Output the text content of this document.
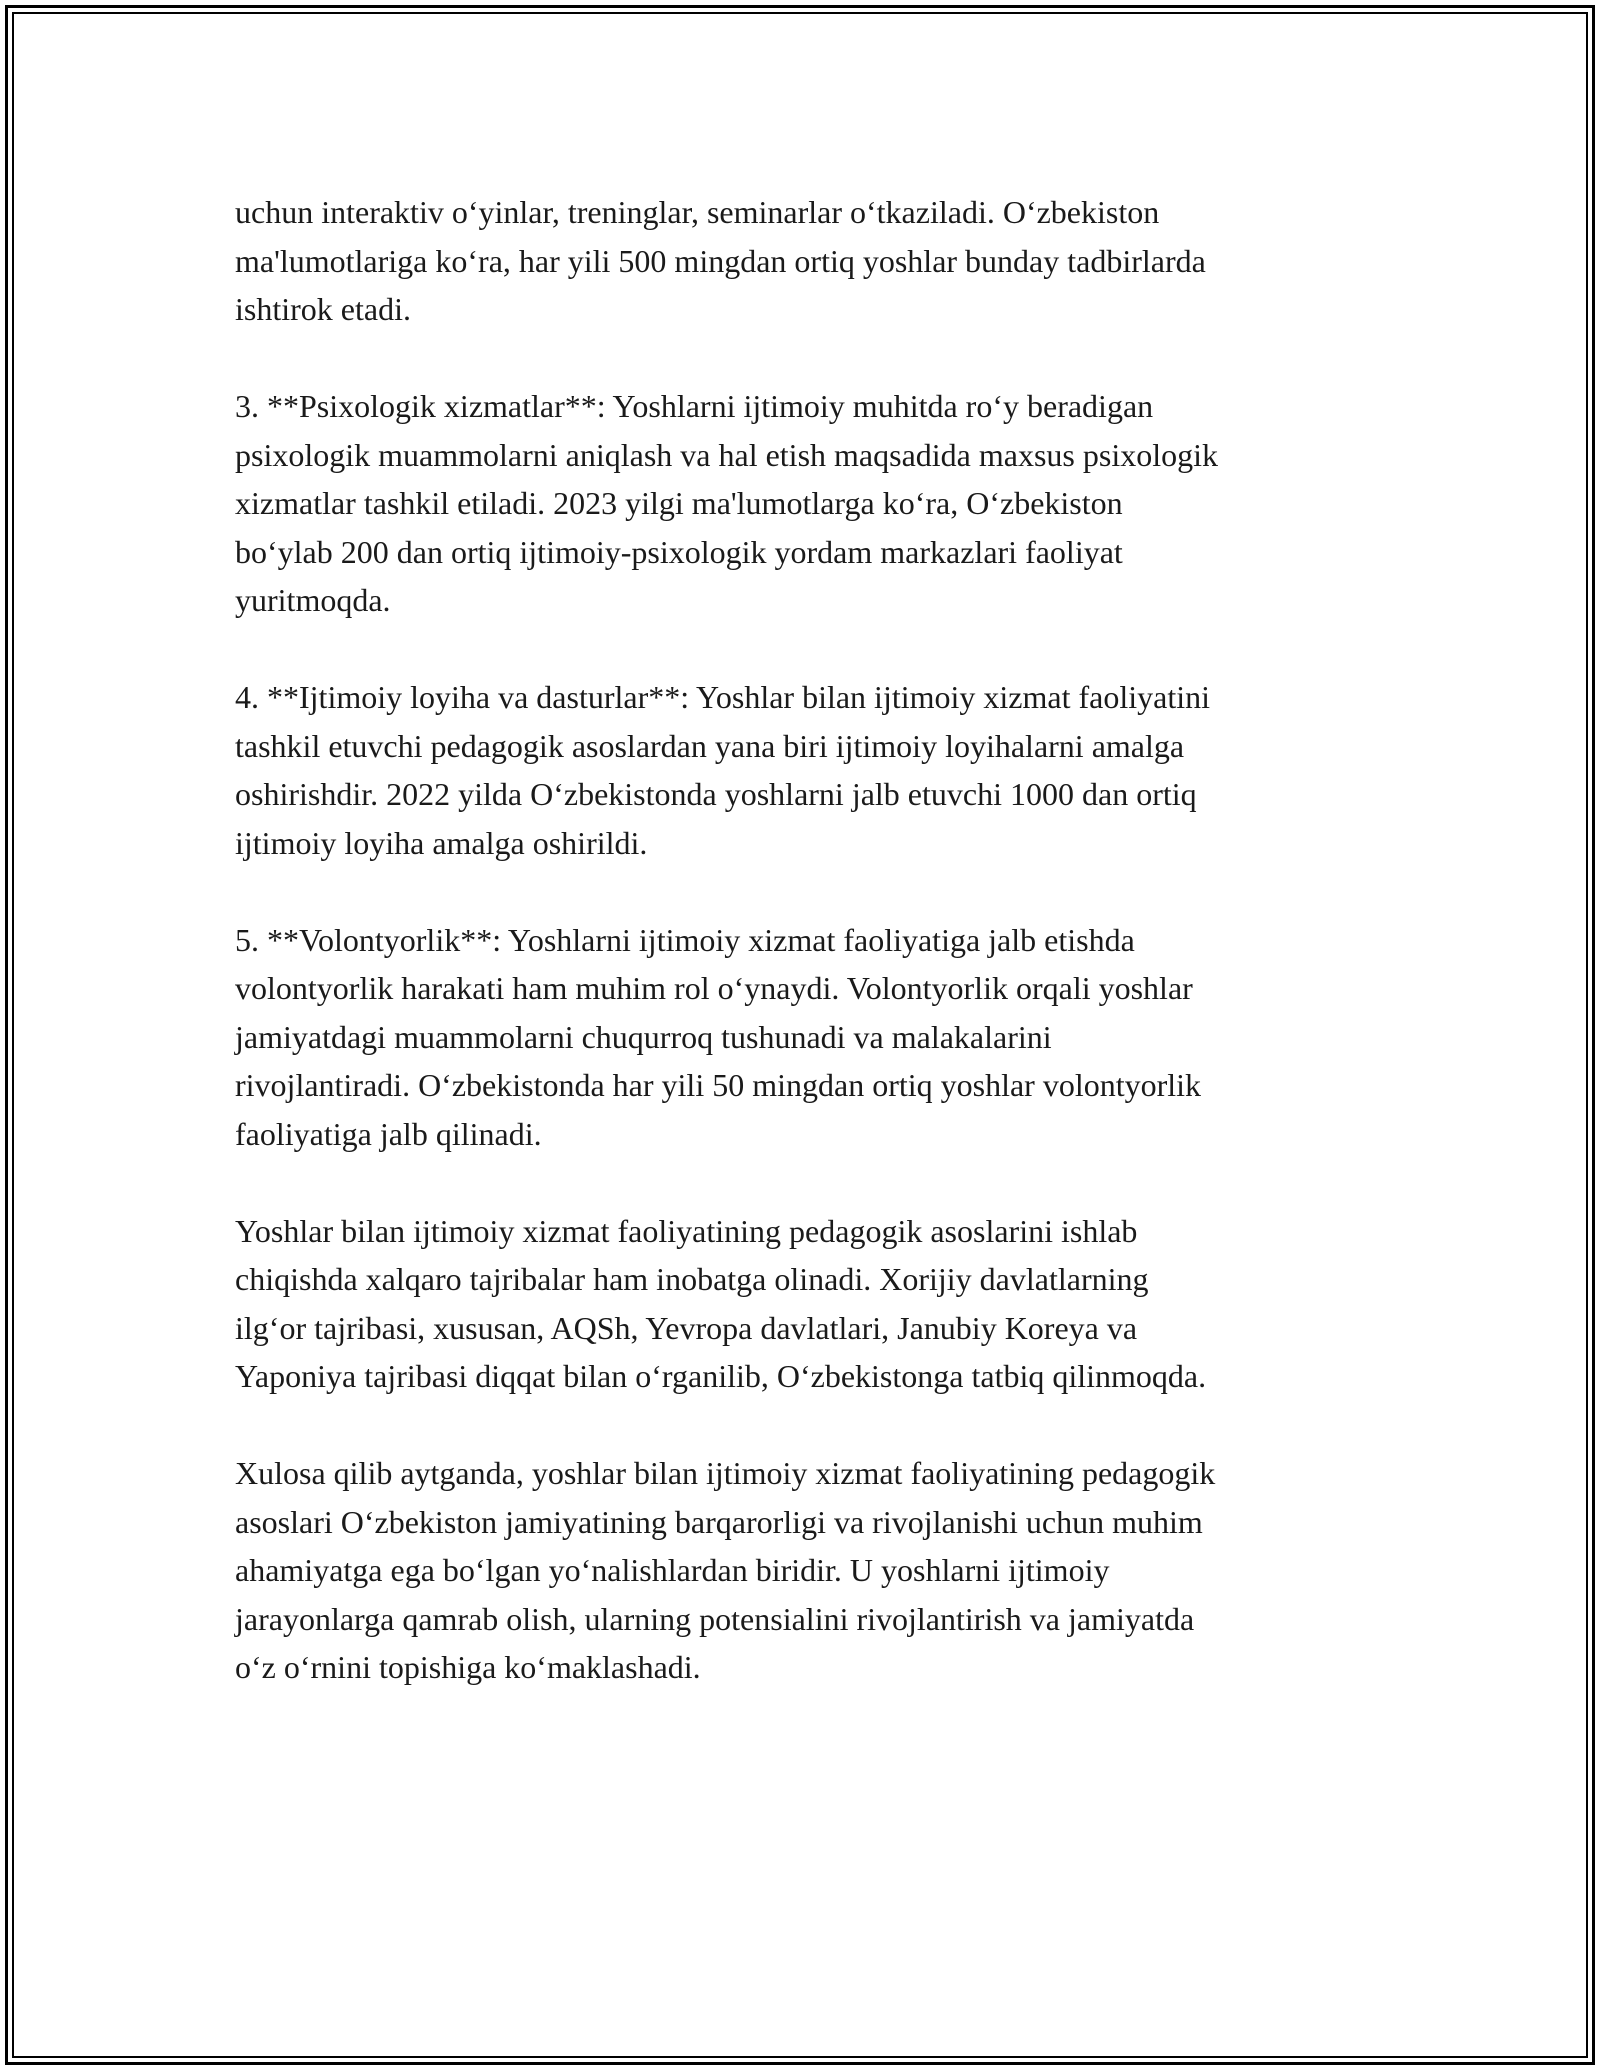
uchun interaktiv o‘yinlar, treninglar, seminarlar o‘tkaziladi. O‘zbekiston
ma'lumotlariga ko‘ra, har yili 500 mingdan ortiq yoshlar bunday tadbirlarda
ishtirok etadi.

3. **Psixologik xizmatlar**: Yoshlarni ijtimoiy muhitda ro‘y beradigan
psixologik muammolarni aniqlash va hal etish maqsadida maxsus psixologik
xizmatlar tashkil etiladi. 2023 yilgi ma'lumotlarga ko‘ra, O‘zbekiston
bo‘ylab 200 dan ortiq ijtimoiy-psixologik yordam markazlari faoliyat
yuritmoqda.

4. **Ijtimoiy loyiha va dasturlar**: Yoshlar bilan ijtimoiy xizmat faoliyatini
tashkil etuvchi pedagogik asoslardan yana biri ijtimoiy loyihalarni amalga
oshirishdir. 2022 yilda O‘zbekistonda yoshlarni jalb etuvchi 1000 dan ortiq
ijtimoiy loyiha amalga oshirildi.

5. **Volontyorlik**: Yoshlarni ijtimoiy xizmat faoliyatiga jalb etishda
volontyorlik harakati ham muhim rol o‘ynaydi. Volontyorlik orqali yoshlar
jamiyatdagi muammolarni chuqurroq tushunadi va malakalarini
rivojlantiradi. O‘zbekistonda har yili 50 mingdan ortiq yoshlar volontyorlik
faoliyatiga jalb qilinadi.

Yoshlar bilan ijtimoiy xizmat faoliyatining pedagogik asoslarini ishlab
chiqishda xalqaro tajribalar ham inobatga olinadi. Xorijiy davlatlarning
ilg‘or tajribasi, xususan, AQSh, Yevropa davlatlari, Janubiy Koreya va
Yaponiya tajribasi diqqat bilan o‘rganilib, O‘zbekistonga tatbiq qilinmoqda.

Xulosa qilib aytganda, yoshlar bilan ijtimoiy xizmat faoliyatining pedagogik
asoslari O‘zbekiston jamiyatining barqarorligi va rivojlanishi uchun muhim
ahamiyatga ega bo‘lgan yo‘nalishlardan biridir. U yoshlarni ijtimoiy
jarayonlarga qamrab olish, ularning potensialini rivojlantirish va jamiyatda
o‘z o‘rnini topishiga ko‘maklashadi.
